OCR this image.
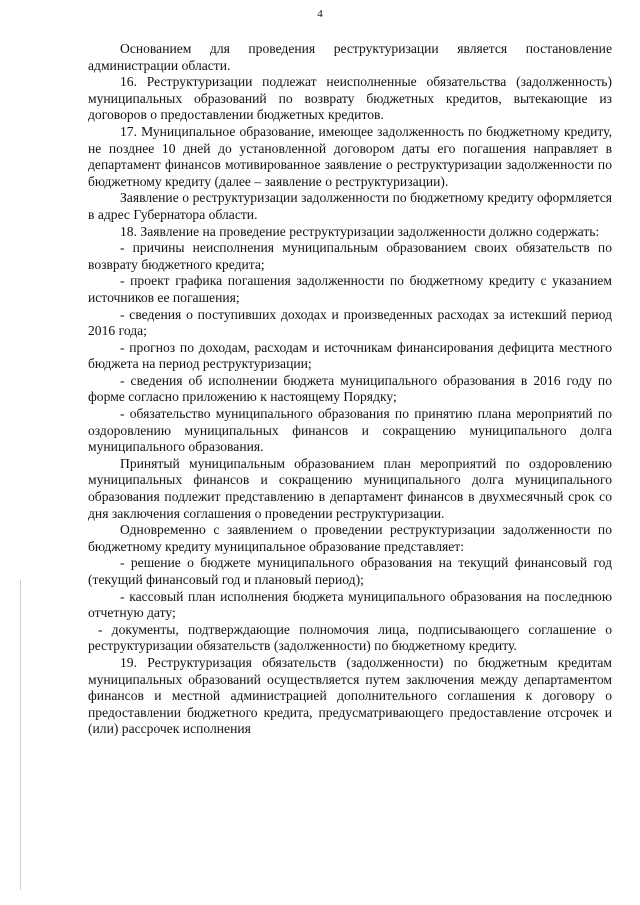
4

Основанием для проведения реструктуризации является постановление администрации области.

16. Реструктуризации подлежат неисполненные обязательства (задолженность) муниципальных образований по возврату бюджетных кредитов, вытекающие из договоров о предоставлении бюджетных кредитов.

17. Муниципальное образование, имеющее задолженность по бюджетному кредиту, не позднее 10 дней до установленной договором даты его погашения направляет в департамент финансов мотивированное заявление о реструктуризации задолженности по бюджетному кредиту (далее – заявление о реструктуризации).

Заявление о реструктуризации задолженности по бюджетному кредиту оформляется в адрес Губернатора области.

18. Заявление на проведение реструктуризации задолженности должно содержать:

- причины неисполнения муниципальным образованием своих обязательств по возврату бюджетного кредита;

- проект графика погашения задолженности по бюджетному кредиту с указанием источников ее погашения;

- сведения о поступивших доходах и произведенных расходах за истекший период 2016 года;

- прогноз по доходам, расходам и источникам финансирования дефицита местного бюджета на период реструктуризации;

- сведения об исполнении бюджета муниципального образования в 2016 году по форме согласно приложению к настоящему Порядку;

- обязательство муниципального образования по принятию плана мероприятий по оздоровлению муниципальных финансов и сокращению муниципального долга муниципального образования.

Принятый муниципальным образованием план мероприятий по оздоровлению муниципальных финансов и сокращению муниципального долга муниципального образования подлежит представлению в департамент финансов в двухмесячный срок со дня заключения соглашения о проведении реструктуризации.

Одновременно с заявлением о проведении реструктуризации задолженности по бюджетному кредиту муниципальное образование представляет:

- решение о бюджете муниципального образования на текущий финансовый год (текущий финансовый год и плановый период);

- кассовый план исполнения бюджета муниципального образования на последнюю отчетную дату;

- документы, подтверждающие полномочия лица, подписывающего соглашение о реструктуризации обязательств (задолженности) по бюджетному кредиту.

19. Реструктуризация обязательств (задолженности) по бюджетным кредитам муниципальных образований осуществляется путем заключения между департаментом финансов и местной администрацией дополнительного соглашения к договору о предоставлении бюджетного кредита, предусматривающего предоставление отсрочек и (или) рассрочек исполнения
